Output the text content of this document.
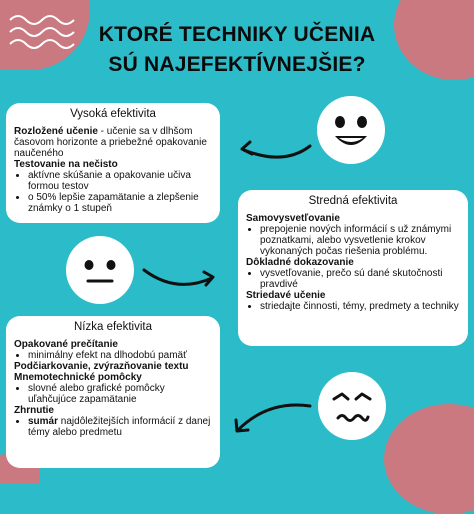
KTORÉ TECHNIKY UČENIA
SÚ NAJEFEKTÍVNEJŠIE?
Vysoká efektivita
Rozložené učenie - učenie sa v dlhšom časovom horizonte a priebežné opakovanie naučeného
Testovanie na nečisto
• aktívne skúšanie a opakovanie učiva formou testov
• o 50% lepšie zapamätanie a zlepšenie známky o 1 stupeň
Stredná efektivita
Samovysvetľovanie
• prepojenie nových informácií s už známymi poznatkami, alebo vysvetlenie krokov vykonaných počas riešenia problému.
Dôkladné dokazovanie
• vysvetľovanie, prečo sú dané skutočnosti pravdivé
Striedavé učenie
• striedajte činnosti, témy, predmety a techniky
Nízka efektivita
Opakované prečítanie
• minimálny efekt na dlhodobú pamäť
Podčiarkovanie, zvýrazňovanie textu
Mnemotechnické pomôcky
• slovné alebo grafické pomôcky uľahčujúce zapamätanie
Zhrnutie
• sumár najdôležitejších informácií z danej témy alebo predmetu
